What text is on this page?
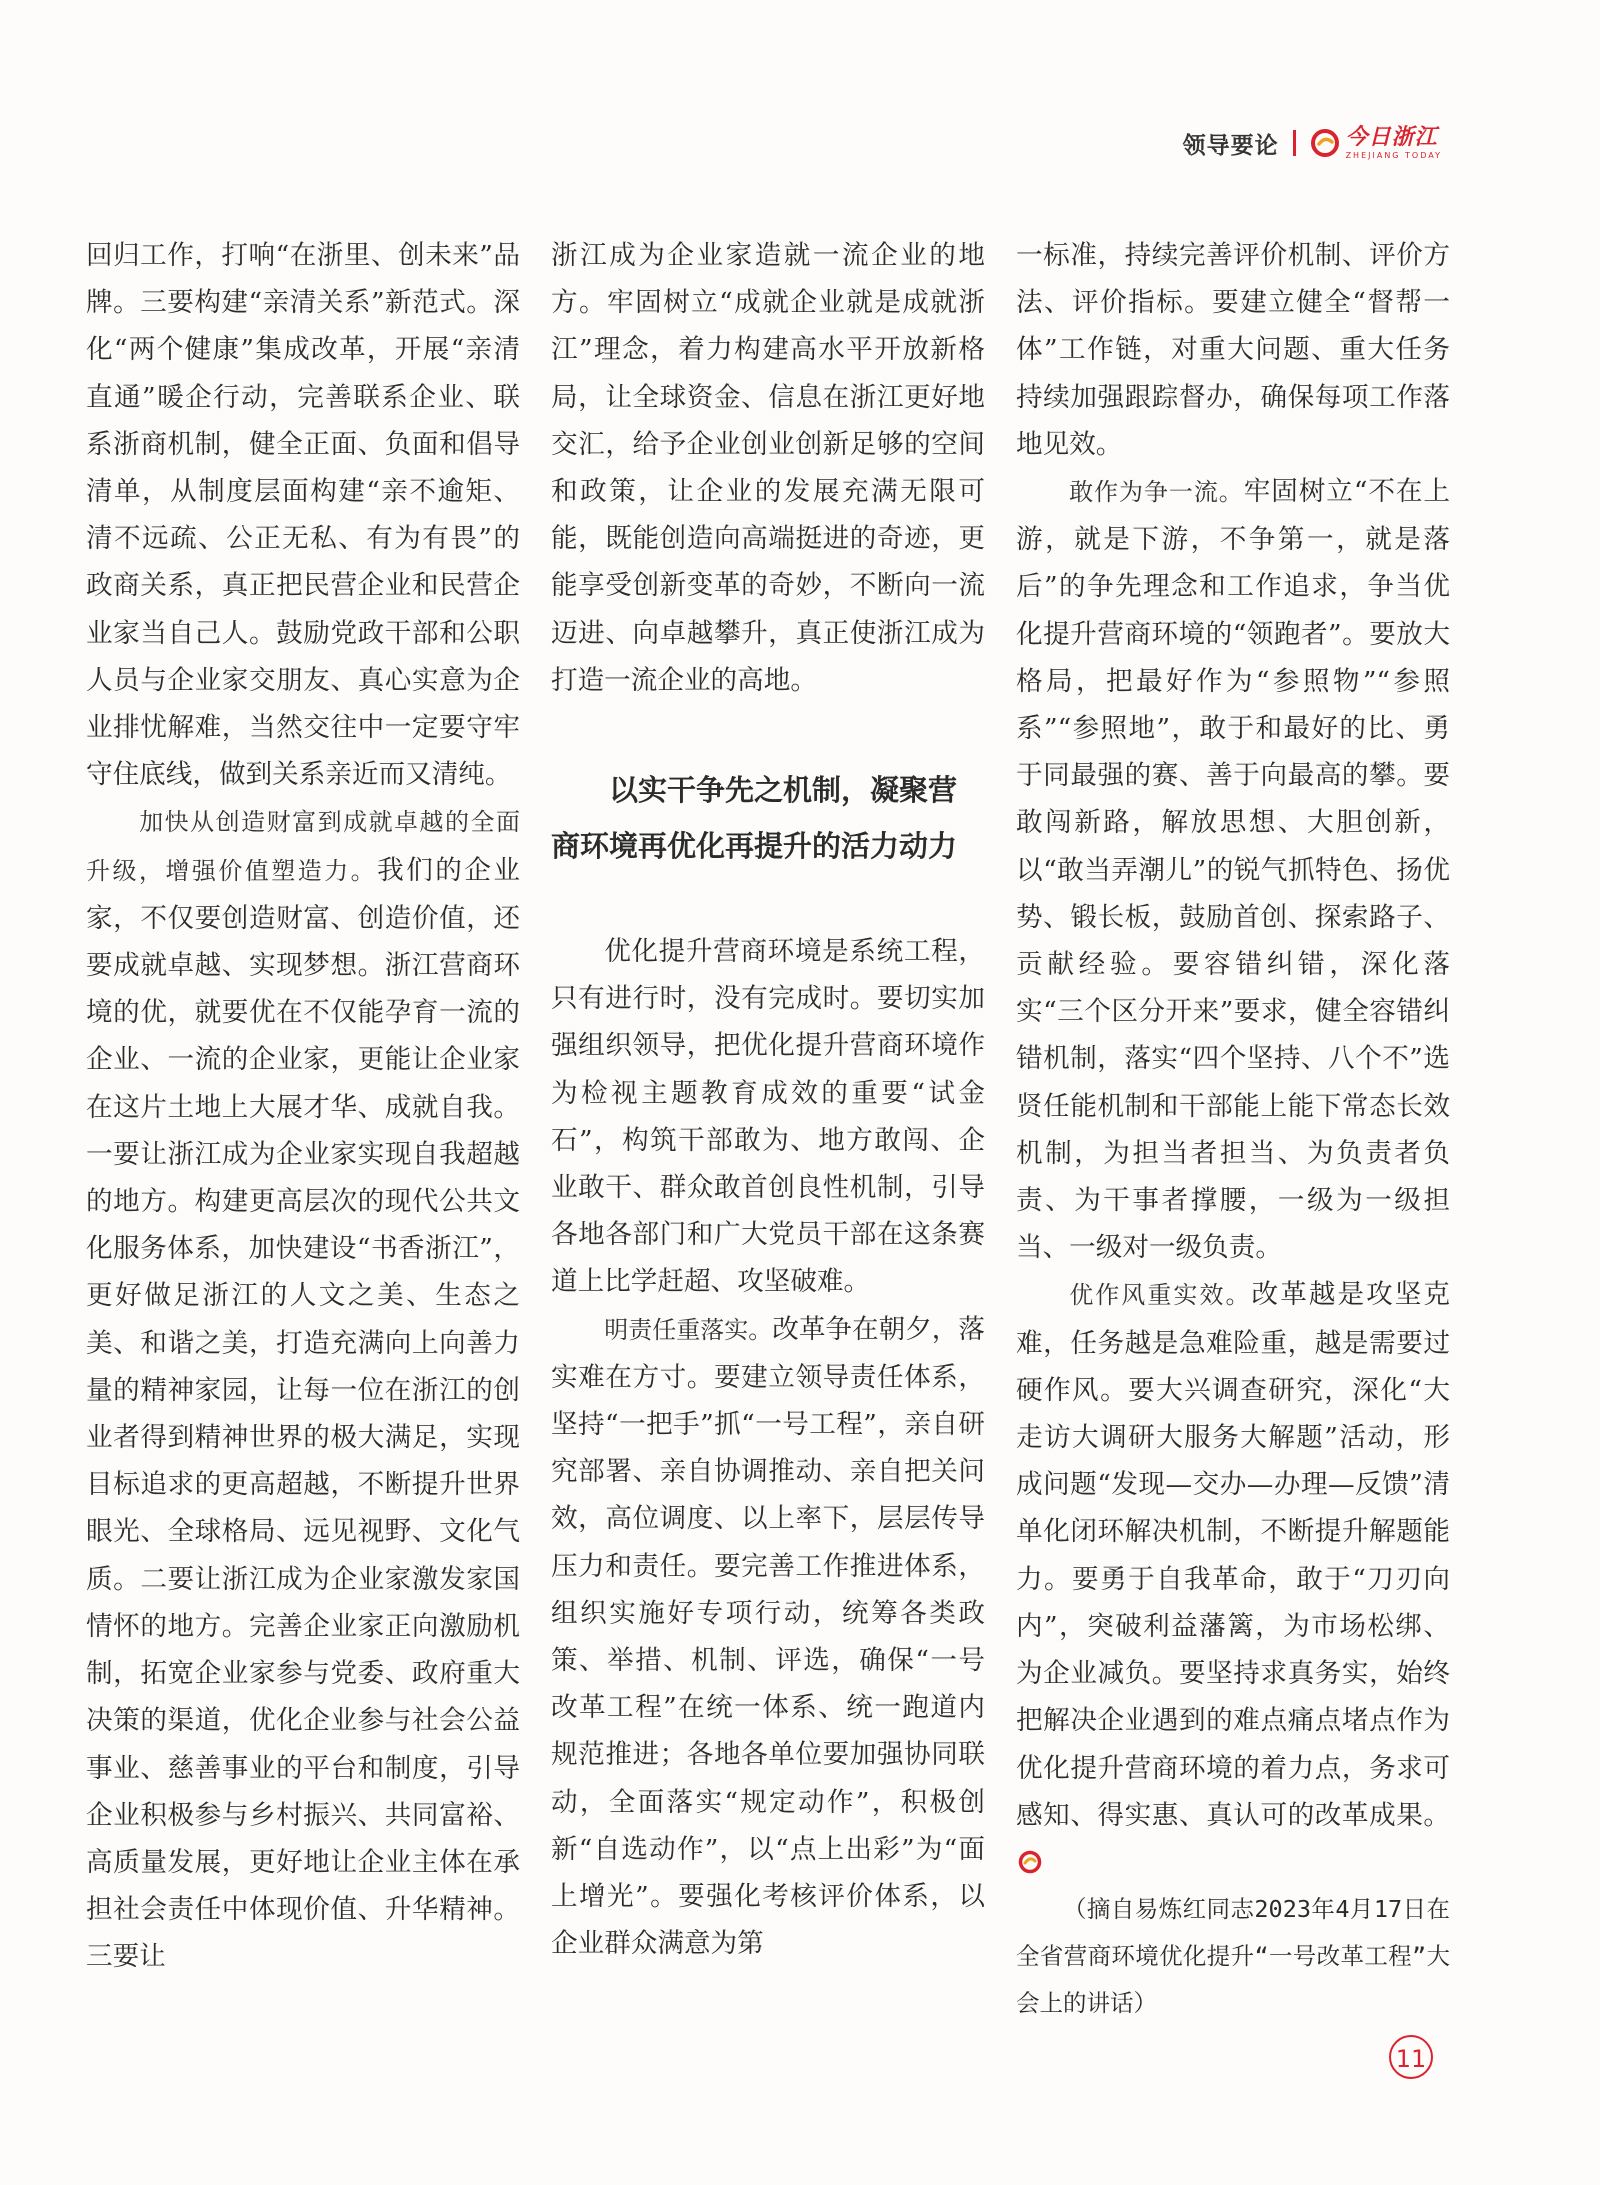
领导要论	今日浙江
ZHEJIANG TODAY

回归工作，打响“在浙里、创未来”品牌。三要构建“亲清关系”新范式。深化“两个健康”集成改革，开展“亲清直通”暖企行动，完善联系企业、联系浙商机制，健全正面、负面和倡导清单，从制度层面构建“亲不逾矩、清不远疏、公正无私、有为有畏”的政商关系，真正把民营企业和民营企业家当自己人。鼓励党政干部和公职人员与企业家交朋友、真心实意为企业排忧解难，当然交往中一定要守牢守住底线，做到关系亲近而又清纯。

加快从创造财富到成就卓越的全面升级，增强价值塑造力。我们的企业家，不仅要创造财富、创造价值，还要成就卓越、实现梦想。浙江营商环境的优，就要优在不仅能孕育一流的企业、一流的企业家，更能让企业家在这片土地上大展才华、成就自我。一要让浙江成为企业家实现自我超越的地方。构建更高层次的现代公共文化服务体系，加快建设“书香浙江”，更好做足浙江的人文之美、生态之美、和谐之美，打造充满向上向善力量的精神家园，让每一位在浙江的创业者得到精神世界的极大满足，实现目标追求的更高超越，不断提升世界眼光、全球格局、远见视野、文化气质。二要让浙江成为企业家激发家国情怀的地方。完善企业家正向激励机制，拓宽企业家参与党委、政府重大决策的渠道，优化企业参与社会公益事业、慈善事业的平台和制度，引导企业积极参与乡村振兴、共同富裕、高质量发展，更好地让企业主体在承担社会责任中体现价值、升华精神。三要让

浙江成为企业家造就一流企业的地方。牢固树立“成就企业就是成就浙江”理念，着力构建高水平开放新格局，让全球资金、信息在浙江更好地交汇，给予企业创业创新足够的空间和政策，让企业的发展充满无限可能，既能创造向高端挺进的奇迹，更能享受创新变革的奇妙，不断向一流迈进、向卓越攀升，真正使浙江成为打造一流企业的高地。

以实干争先之机制，凝聚营商环境再优化再提升的活力动力

优化提升营商环境是系统工程，只有进行时，没有完成时。要切实加强组织领导，把优化提升营商环境作为检视主题教育成效的重要“试金石”，构筑干部敢为、地方敢闯、企业敢干、群众敢首创良性机制，引导各地各部门和广大党员干部在这条赛道上比学赶超、攻坚破难。

明责任重落实。改革争在朝夕，落实难在方寸。要建立领导责任体系，坚持“一把手”抓“一号工程”，亲自研究部署、亲自协调推动、亲自把关问效，高位调度、以上率下，层层传导压力和责任。要完善工作推进体系，组织实施好专项行动，统筹各类政策、举措、机制、评选，确保“一号改革工程”在统一体系、统一跑道内规范推进；各地各单位要加强协同联动，全面落实“规定动作”，积极创新“自选动作”，以“点上出彩”为“面上增光”。要强化考核评价体系，以企业群众满意为第

一标准，持续完善评价机制、评价方法、评价指标。要建立健全“督帮一体”工作链，对重大问题、重大任务持续加强跟踪督办，确保每项工作落地见效。

敢作为争一流。牢固树立“不在上游，就是下游，不争第一，就是落后”的争先理念和工作追求，争当优化提升营商环境的“领跑者”。要放大格局，把最好作为“参照物”“参照系”“参照地”，敢于和最好的比、勇于同最强的赛、善于向最高的攀。要敢闯新路，解放思想、大胆创新，以“敢当弄潮儿”的锐气抓特色、扬优势、锻长板，鼓励首创、探索路子、贡献经验。要容错纠错，深化落实“三个区分开来”要求，健全容错纠错机制，落实“四个坚持、八个不”选贤任能机制和干部能上能下常态长效机制，为担当者担当、为负责者负责、为干事者撑腰，一级为一级担当、一级对一级负责。

优作风重实效。改革越是攻坚克难，任务越是急难险重，越是需要过硬作风。要大兴调查研究，深化“大走访大调研大服务大解题”活动，形成问题“发现—交办—办理—反馈”清单化闭环解决机制，不断提升解题能力。要勇于自我革命，敢于“刀刃向内”，突破利益藩篱，为市场松绑、为企业减负。要坚持求真务实，始终把解决企业遇到的难点痛点堵点作为优化提升营商环境的着力点，务求可感知、得实惠、真认可的改革成果。

（摘自易炼红同志2023年4月17日在全省营商环境优化提升“一号改革工程”大会上的讲话）

11
